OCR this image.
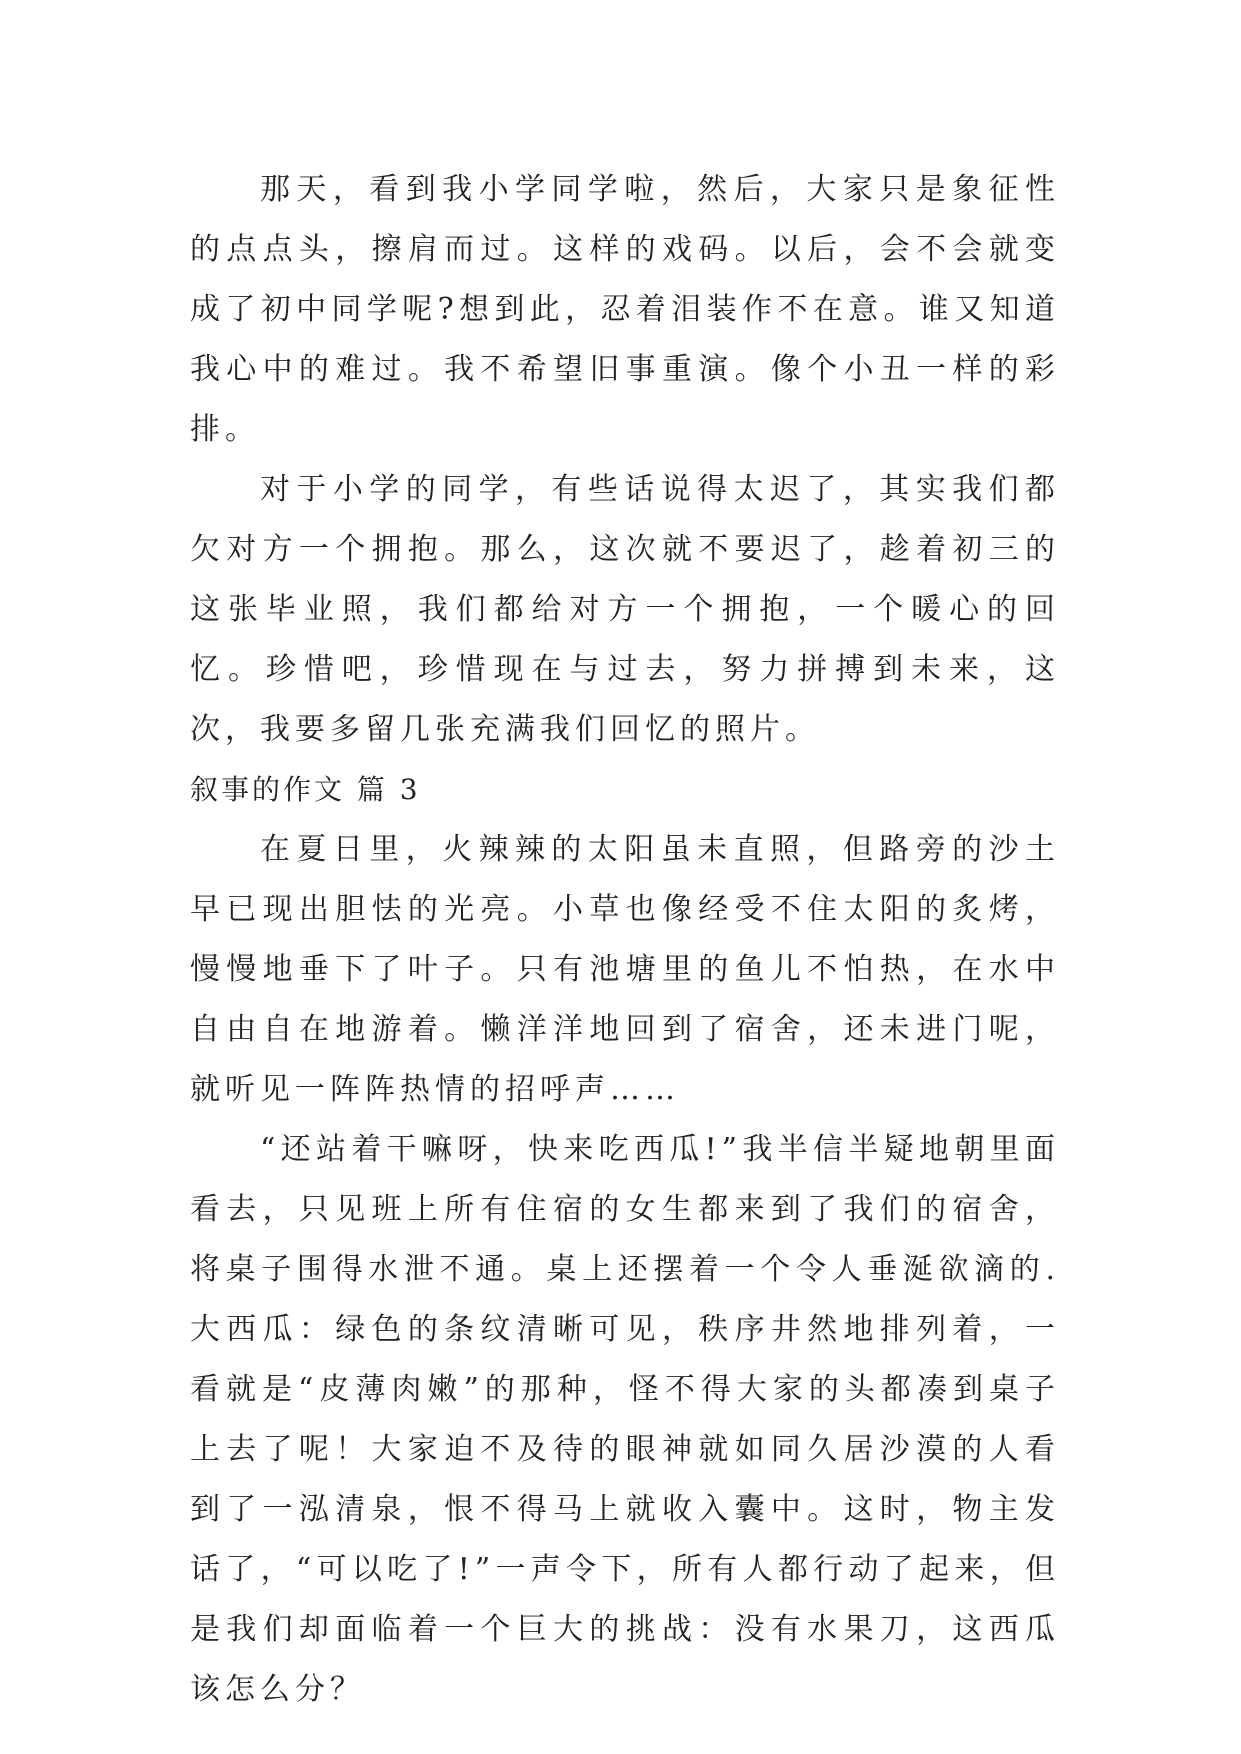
那天，看到我小学同学啦，然后，大家只是象征性的点点头，擦肩而过。这样的戏码。以后，会不会就变成了初中同学呢?想到此，忍着泪装作不在意。谁又知道我心中的难过。我不希望旧事重演。像个小丑一样的彩排。

对于小学的同学，有些话说得太迟了，其实我们都欠对方一个拥抱。那么，这次就不要迟了，趁着初三的这张毕业照，我们都给对方一个拥抱，一个暖心的回忆。珍惜吧，珍惜现在与过去，努力拼搏到未来，这次，我要多留几张充满我们回忆的照片。

叙事的作文 篇 3

在夏日里，火辣辣的太阳虽未直照，但路旁的沙土早已现出胆怯的光亮。小草也像经受不住太阳的炙烤，慢慢地垂下了叶子。只有池塘里的鱼儿不怕热，在水中自由自在地游着。懒洋洋地回到了宿舍，还未进门呢，就听见一阵阵热情的招呼声……

“还站着干嘛呀，快来吃西瓜!”我半信半疑地朝里面看去，只见班上所有住宿的女生都来到了我们的宿舍，将桌子围得水泄不通。桌上还摆着一个令人垂涎欲滴的.大西瓜：绿色的条纹清晰可见，秩序井然地排列着，一看就是“皮薄肉嫩”的那种，怪不得大家的头都凑到桌子上去了呢！大家迫不及待的眼神就如同久居沙漠的人看到了一泓清泉，恨不得马上就收入囊中。这时，物主发话了，“可以吃了!”一声令下，所有人都行动了起来，但是我们却面临着一个巨大的挑战：没有水果刀，这西瓜该怎么分？
